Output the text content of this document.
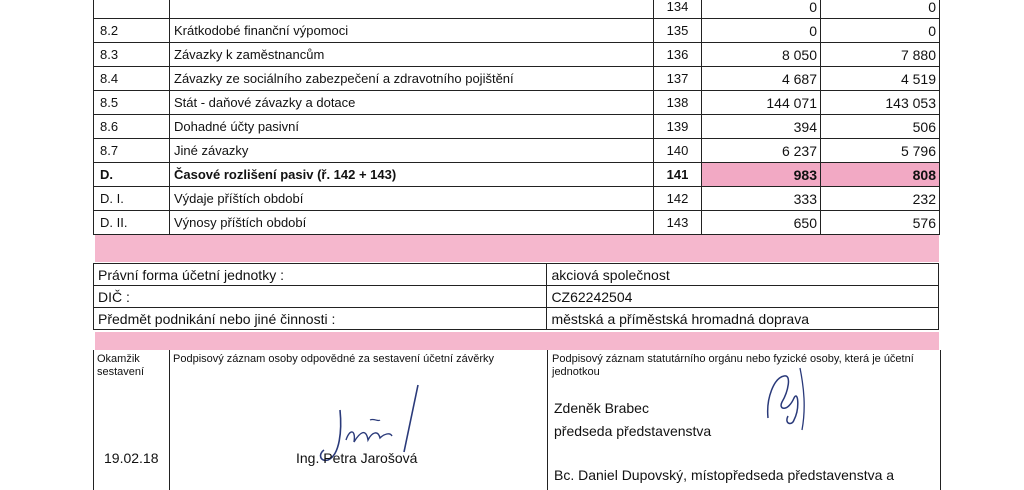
		134	0	0
8.2	Krátkodobé finanční výpomoci	135	0	0
8.3	Závazky k zaměstnancům	136	8 050	7 880
8.4	Závazky ze sociálního zabezpečení a zdravotního pojištění	137	4 687	4 519
8.5	Stát - daňové závazky a dotace	138	144 071	143 053
8.6	Dohadné účty pasivní	139	394	506
8.7	Jiné závazky	140	6 237	5 796
D.	Časové rozlišení pasiv (ř. 142 + 143)	141	983	808
D. I.	Výdaje příštích období	142	333	232
D. II.	Výnosy příštích období	143	650	576
Právní forma účetní jednotky :	akciová společnost
DIČ :	CZ62242504
Předmět podnikání nebo jiné činnosti :	městská a příměstská hromadná doprava
Okamžik sestavení
19.02.18
Podpisový záznam osoby odpovědné za sestavení účetní závěrky
Ing. Petra Jarošová
Podpisový záznam statutárního orgánu nebo fyzické osoby, která je účetní jednotkou
Zdeněk Brabec
předseda představenstva
Bc. Daniel Dupovský, místopředseda představenstva a
